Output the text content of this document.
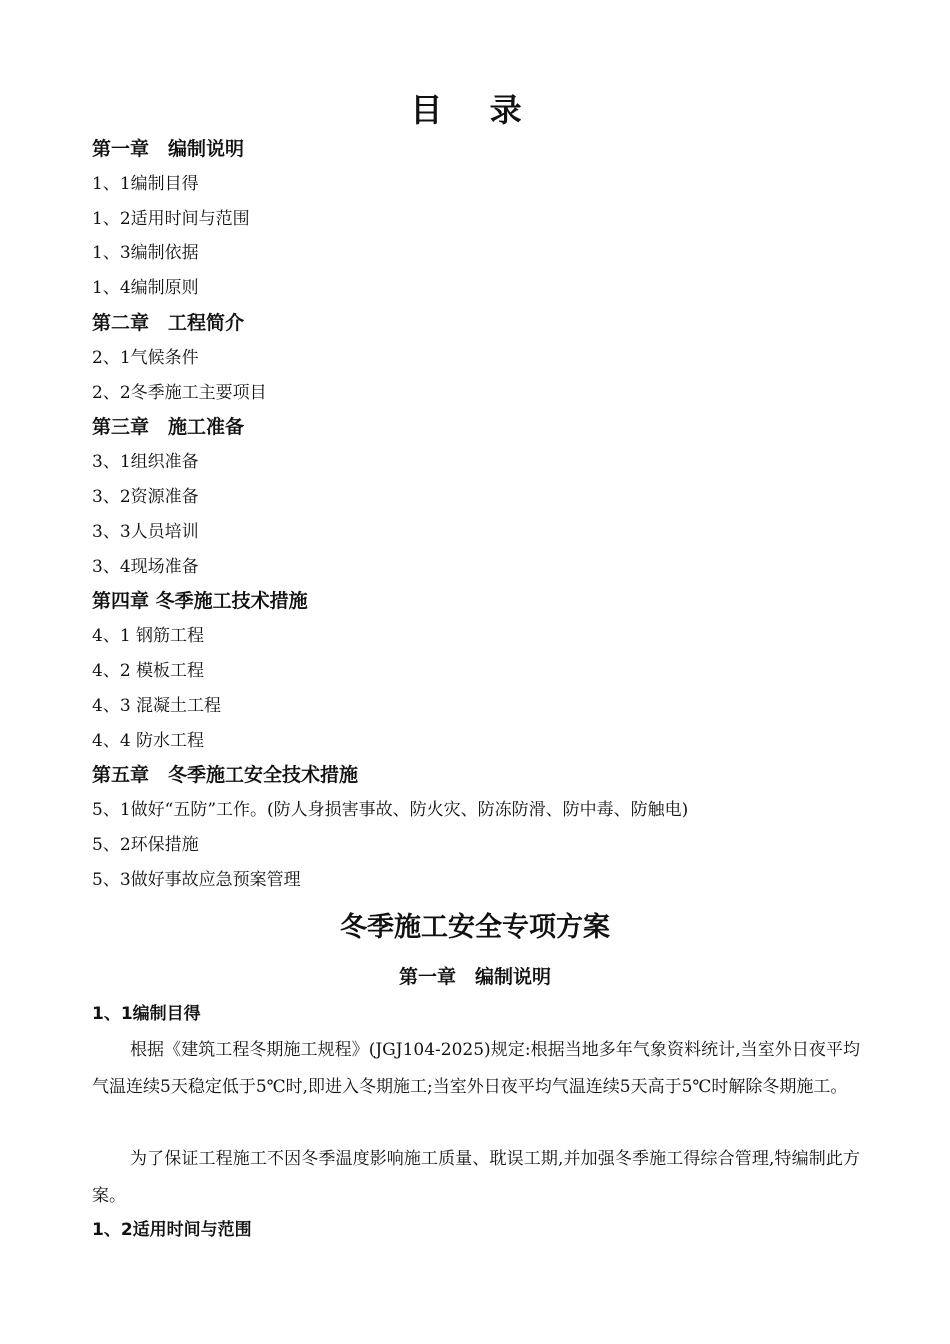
目 录
第一章　编制说明
1、1编制目得
1、2适用时间与范围
1、3编制依据
1、4编制原则
第二章　工程简介
2、1气候条件
2、2冬季施工主要项目
第三章　施工准备
3、1组织准备
3、2资源准备
3、3人员培训
3、4现场准备
第四章 冬季施工技术措施
4、1 钢筋工程
4、2 模板工程
4、3 混凝土工程
4、4 防水工程
第五章　冬季施工安全技术措施
5、1做好“五防”工作。(防人身损害事故、防火灾、防冻防滑、防中毒、防触电)
5、2环保措施
5、3做好事故应急预案管理
冬季施工安全专项方案
第一章　编制说明
1、1编制目得

根据《建筑工程冬期施工规程》(JGJ104-2025)规定:根据当地多年气象资料统计,当室外日夜平均气温连续5天稳定低于5℃时,即进入冬期施工;当室外日夜平均气温连续5天高于5℃时解除冬期施工。

为了保证工程施工不因冬季温度影响施工质量、耽误工期,并加强冬季施工得综合管理,特编制此方案。

1、2适用时间与范围
